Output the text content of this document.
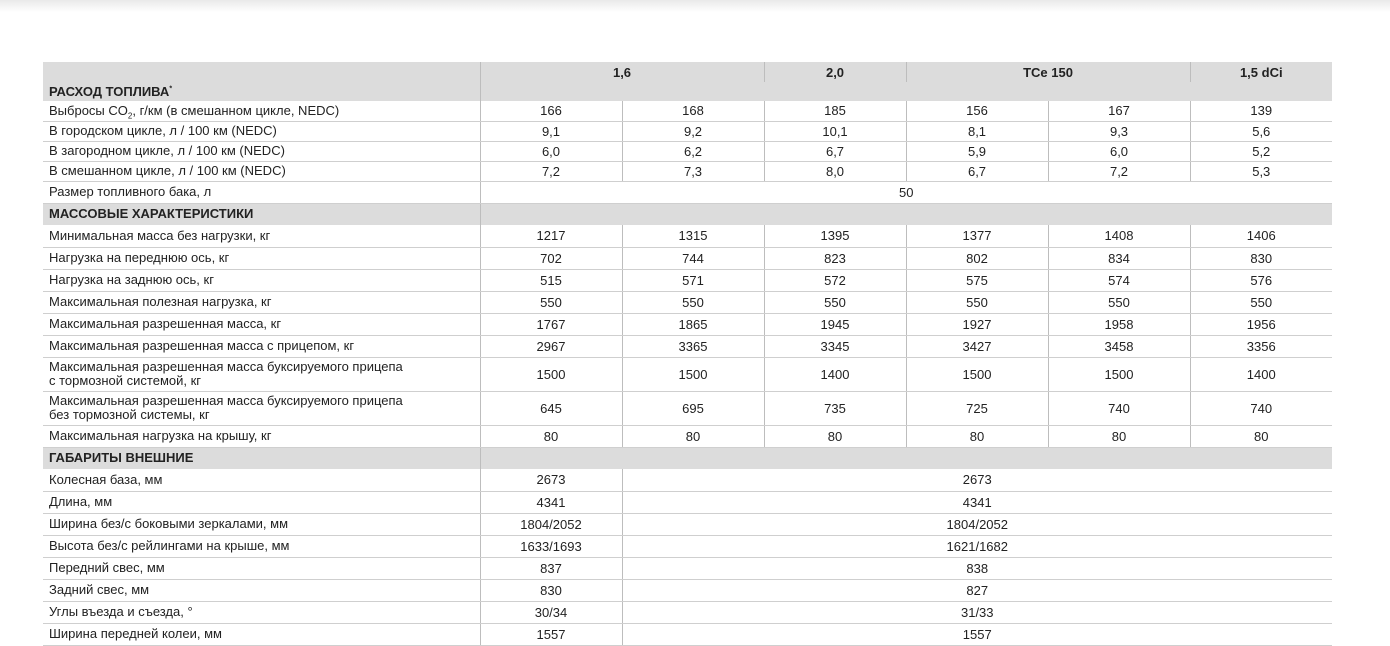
	1,6		2,0	TCe 150		1,5 dCi
РАСХОД ТОПЛИВА*	
Выбросы $CO_2$, г/км (в смешанном цикле, NEDC)	166	168	185	156	167	139
В городском цикле, л / 100 км (NEDC)	9,1	9,2	10,1	8,1	9,3	5,6
В загородном цикле, л / 100 км (NEDC)	6,0	6,2	6,7	5,9	6,0	5,2
В смешанном цикле, л / 100 км (NEDC)	7,2	7,3	8,0	6,7	7,2	5,3
Размер топливного бака, л	50					
МАССОВЫЕ ХАРАКТЕРИСТИКИ						
Минимальная масса без нагрузки, кг	1217	1315	1395	1377	1408	1406
Нагрузка на переднюю ось, кг	702	744	823	802	834	830
Нагрузка на заднюю ось, кг	515	571	572	575	574	576
Максимальная полезная нагрузка, кг	550	550	550	550	550	550
Максимальная разрешенная масса, кг	1767	1865	1945	1927	1958	1956
Максимальная разрешенная масса с прицепом, кг	2967	3365	3345	3427	3458	3356
Максимальная разрешенная масса буксируемого прицепа
с тормозной системой, кг	1500	1500	1400	1500	1500	1400
Максимальная разрешенная масса буксируемого прицепа
без тормозной системы, кг	645	695	735	725	740	740
Максимальная нагрузка на крышу, кг	80	80	80	80	80	80
ГАБАРИТЫ ВНЕШНИЕ						
Колесная база, мм	2673	2673				
Длина, мм	4341	4341				
Ширина без/с боковыми зеркалами, мм	1804/2052	1804/2052				
Высота без/с рейлингами на крыше, мм	1633/1693	1621/1682				
Передний свес, мм	837	838				
Задний свес, мм	830	827				
Углы въезда и съезда, °	30/34	31/33				
Ширина передней колеи, мм	1557	1557				
